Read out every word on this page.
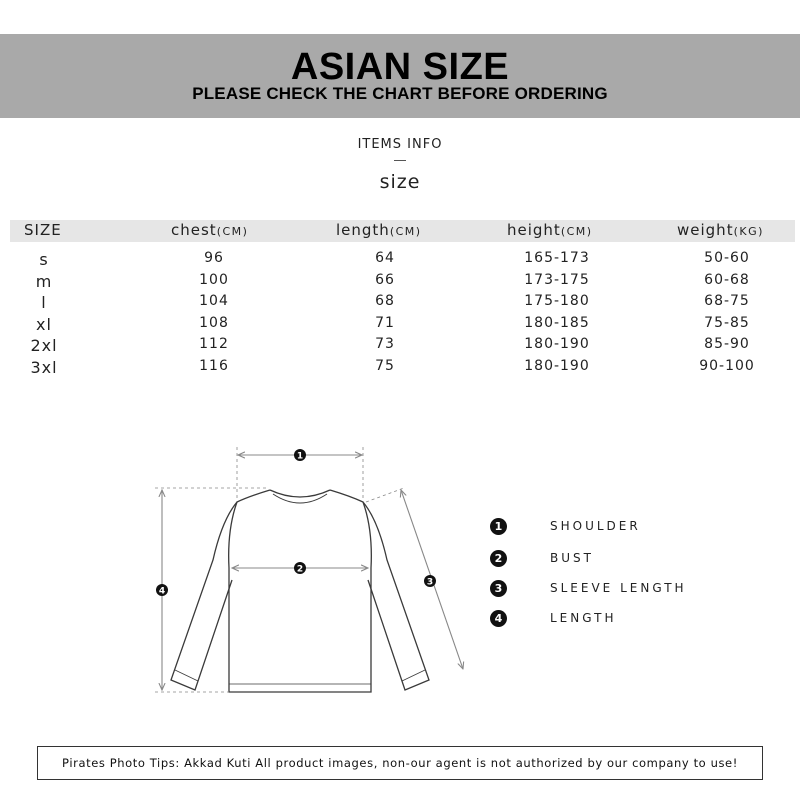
ASIAN SIZE
PLEASE CHECK THE CHART BEFORE ORDERING
ITEMS INFO
size
SIZE	chest(CM)	length(CM)	height(CM)	weight(KG)
s	96	64	165-173	50-60
m	100	66	173-175	60-68
l	104	68	175-180	68-75
xl	108	71	180-185	75-85
2xl	112	73	180-190	85-90
3xl	116	75	180-190	90-100
1
2
3
4
1	SHOULDER
2	BUST
3	SLEEVE LENGTH
4	LENGTH
Pirates Photo Tips: Akkad Kuti All product images, non-our agent is not authorized by our company to use!
